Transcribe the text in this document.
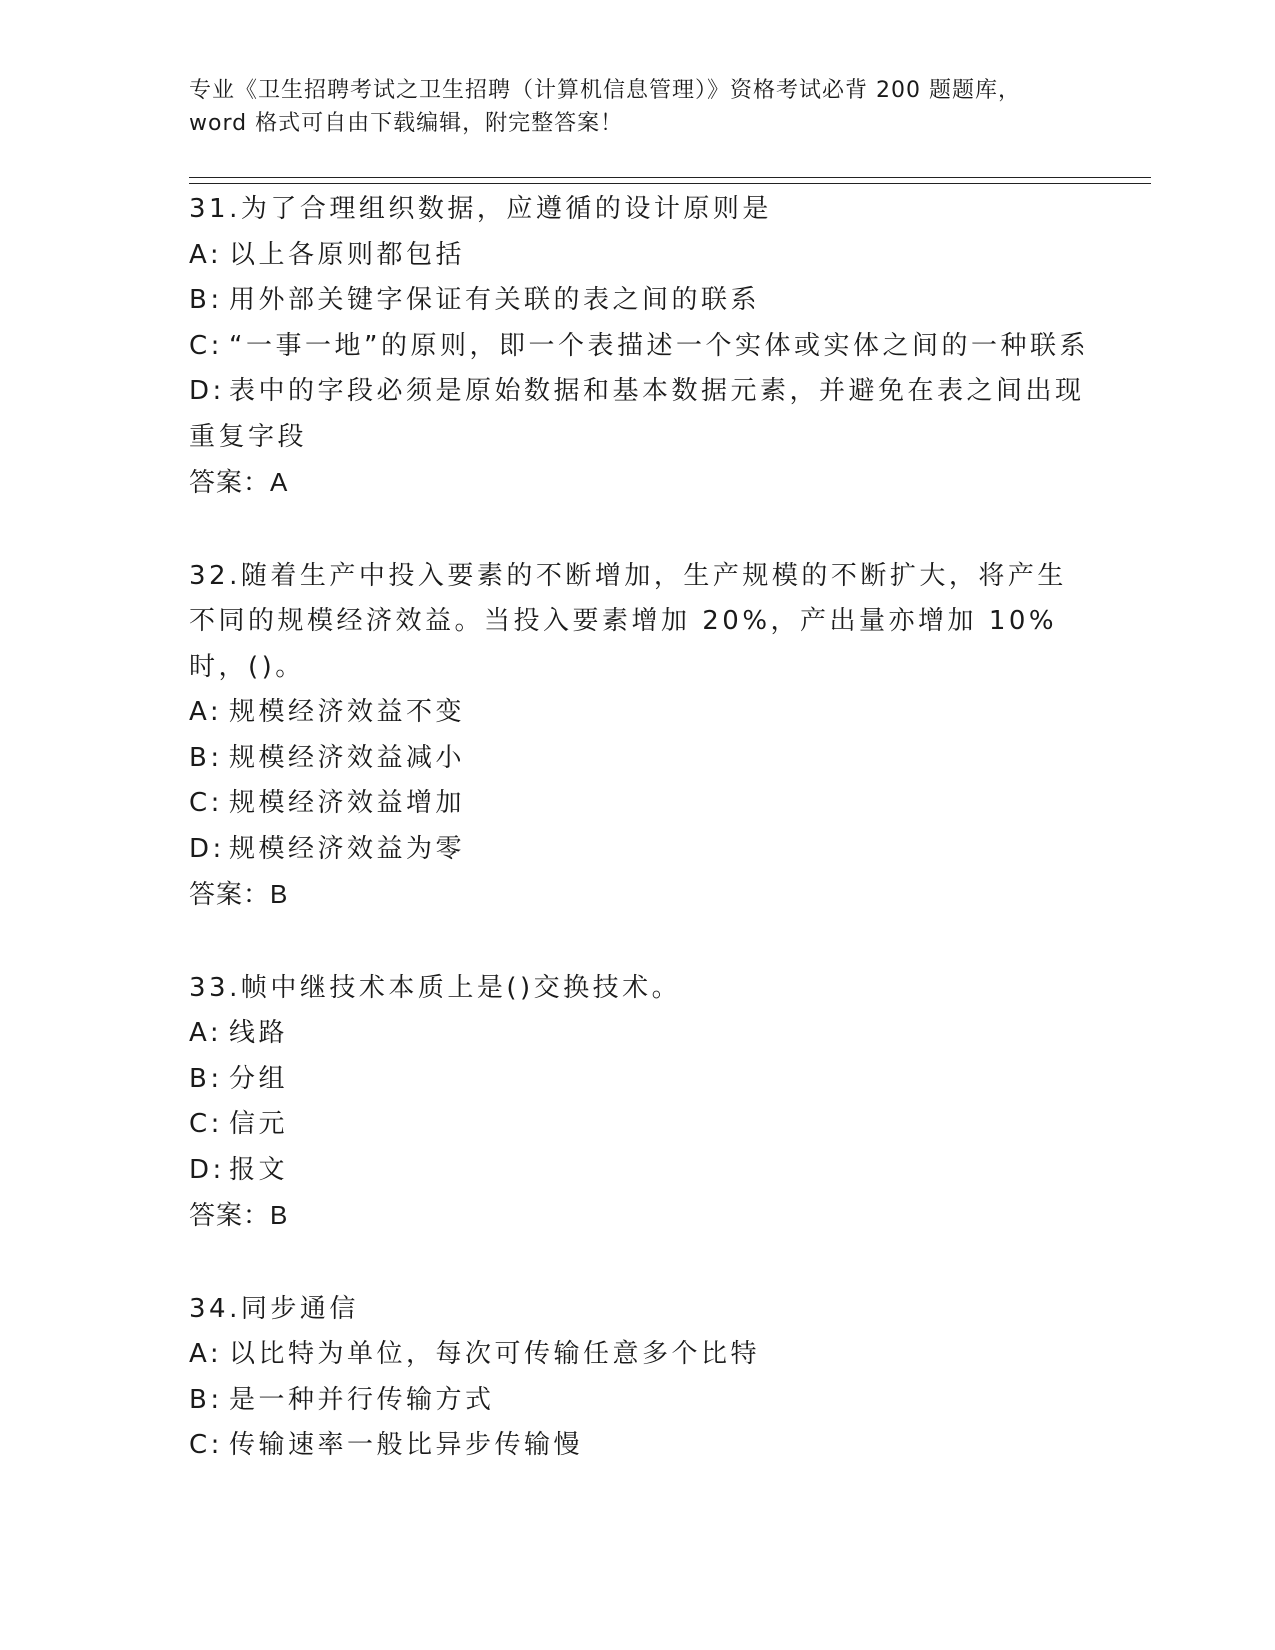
专业《卫生招聘考试之卫生招聘（计算机信息管理）》资格考试必背 200 题题库，
word 格式可自由下载编辑，附完整答案！
31.为了合理组织数据，应遵循的设计原则是
A: 以上各原则都包括
B: 用外部关键字保证有关联的表之间的联系
C: “一事一地”的原则，即一个表描述一个实体或实体之间的一种联系
D: 表中的字段必须是原始数据和基本数据元素，并避免在表之间出现重复字段
答案：A
32.随着生产中投入要素的不断增加，生产规模的不断扩大，将产生不同的规模经济效益。当投入要素增加 20%，产出量亦增加 10%时，()。
A: 规模经济效益不变
B: 规模经济效益减小
C: 规模经济效益增加
D: 规模经济效益为零
答案：B
33.帧中继技术本质上是()交换技术。
A: 线路
B: 分组
C: 信元
D: 报文
答案：B
34.同步通信
A: 以比特为单位，每次可传输任意多个比特
B: 是一种并行传输方式
C: 传输速率一般比异步传输慢
